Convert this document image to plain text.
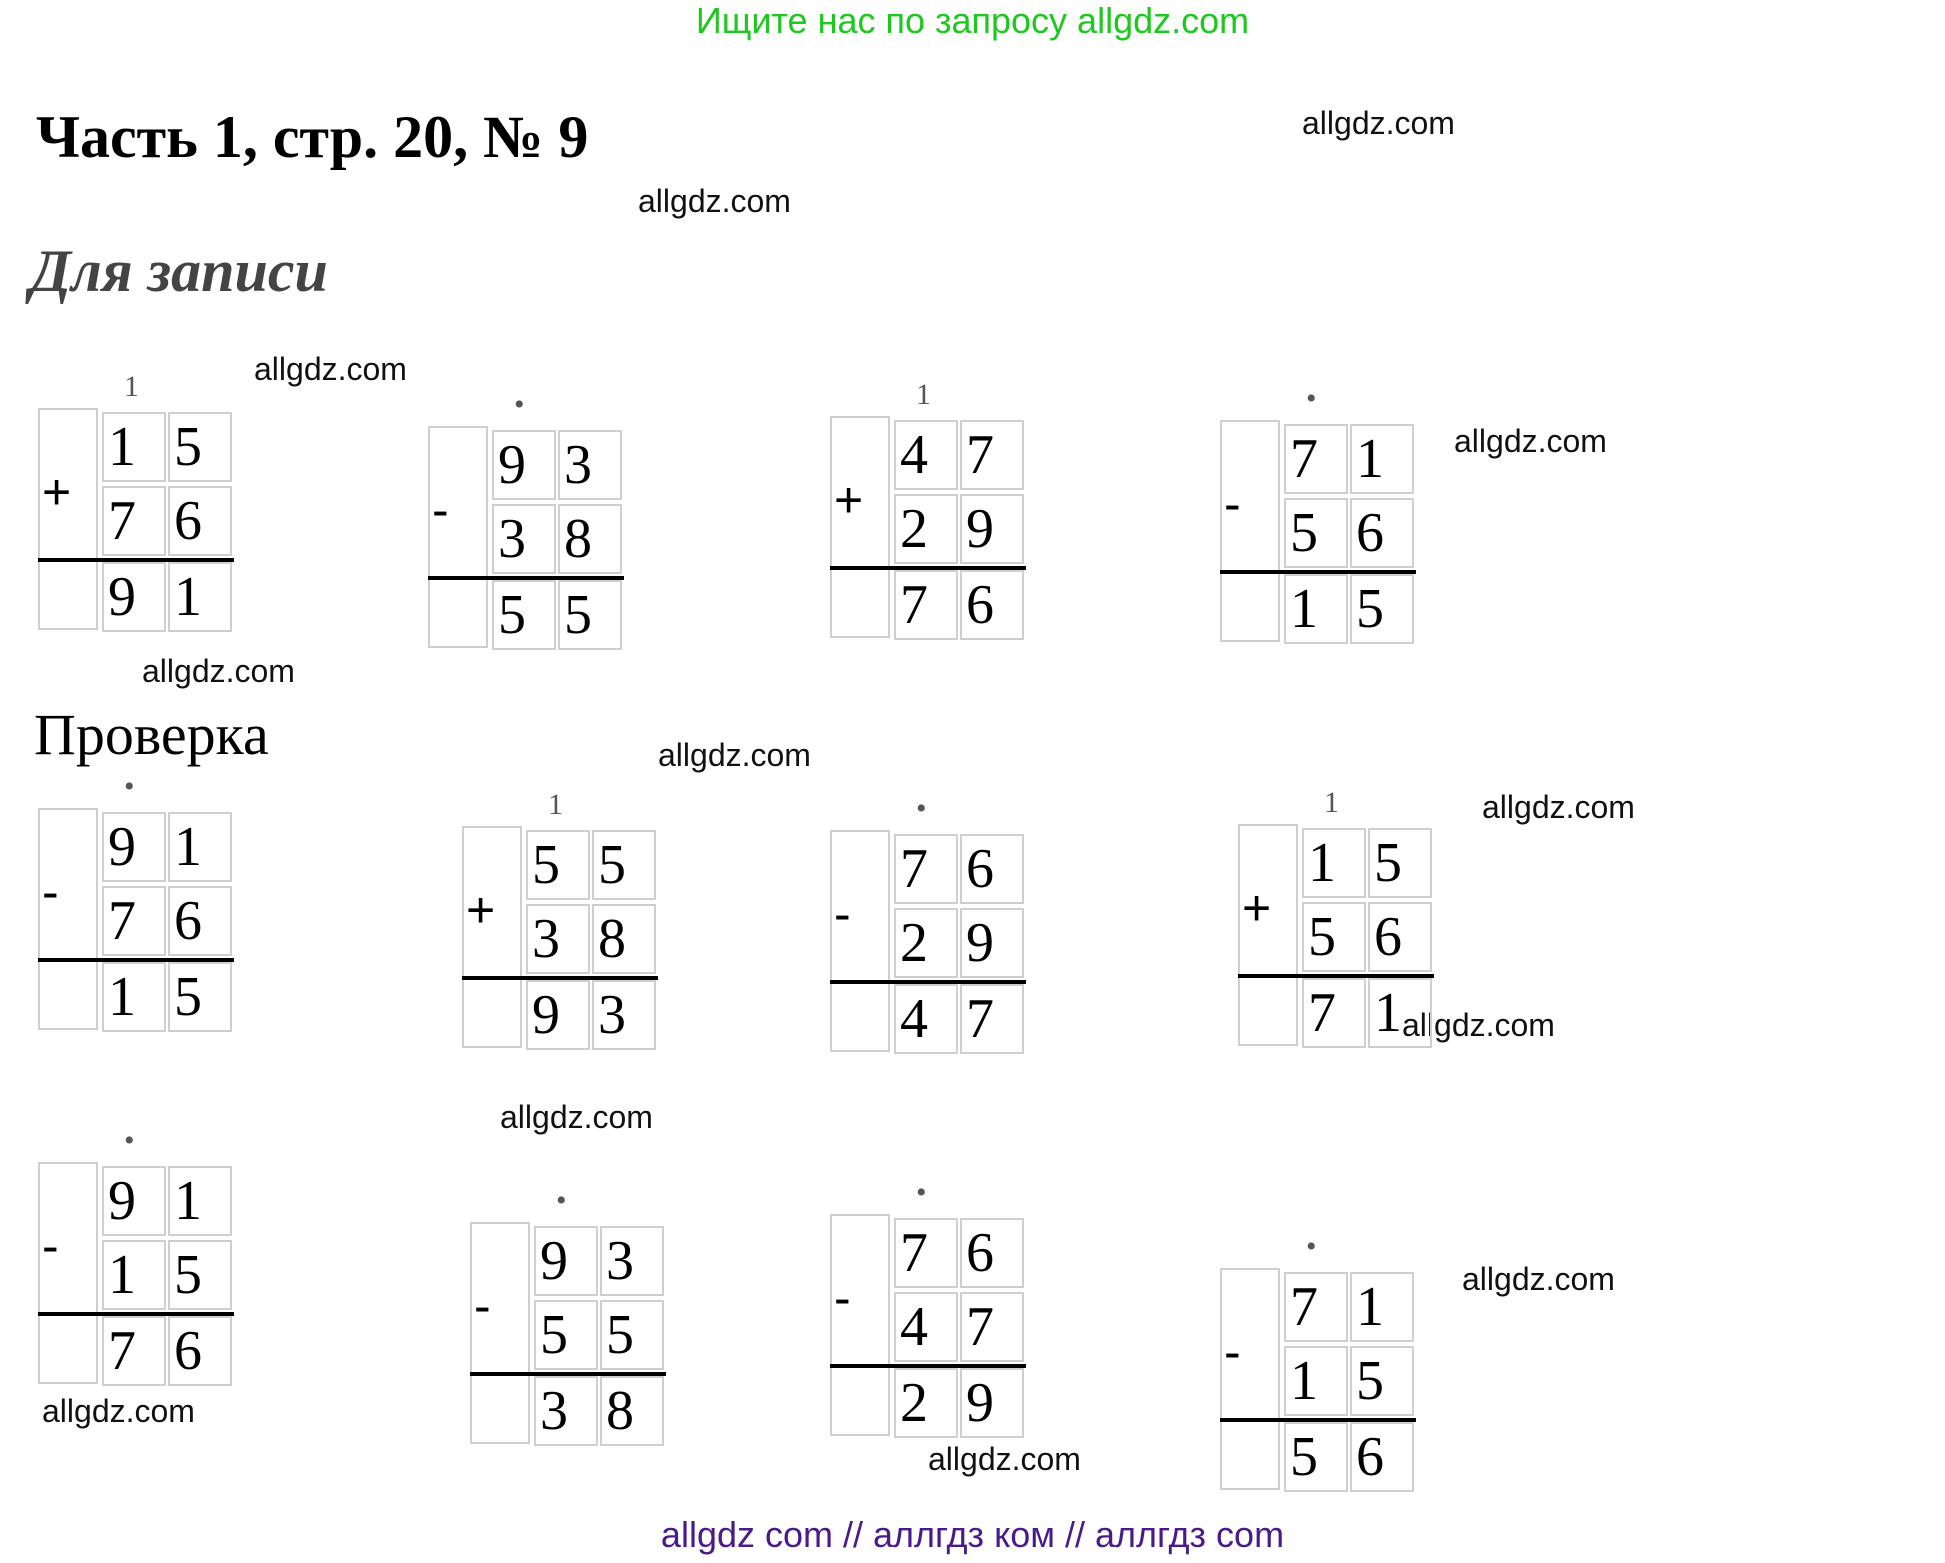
Ищите нас по запросу allgdz.com
Часть 1, стр. 20, № 9
Для записи
Проверка
allgdz.com
allgdz.com
allgdz.com
allgdz.com
allgdz.com
allgdz.com
allgdz.com
allgdz.com
allgdz.com
allgdz.com
allgdz.com
allgdz.com
1 5
7 6
9 1
+
1
9 3
3 8
5 5
-
•
4 7
2 9
7 6
+
1
7 1
5 6
1 5
-
•
9 1
7 6
1 5
-
•
5 5
3 8
9 3
+
1
7 6
2 9
4 7
-
•
1 5
5 6
7 1
+
1
9 1
1 5
7 6
-
•
9 3
5 5
3 8
-
•
7 6
4 7
2 9
-
•
7 1
1 5
5 6
-
•
allgdz com // аллгдз ком // аллгдз com
